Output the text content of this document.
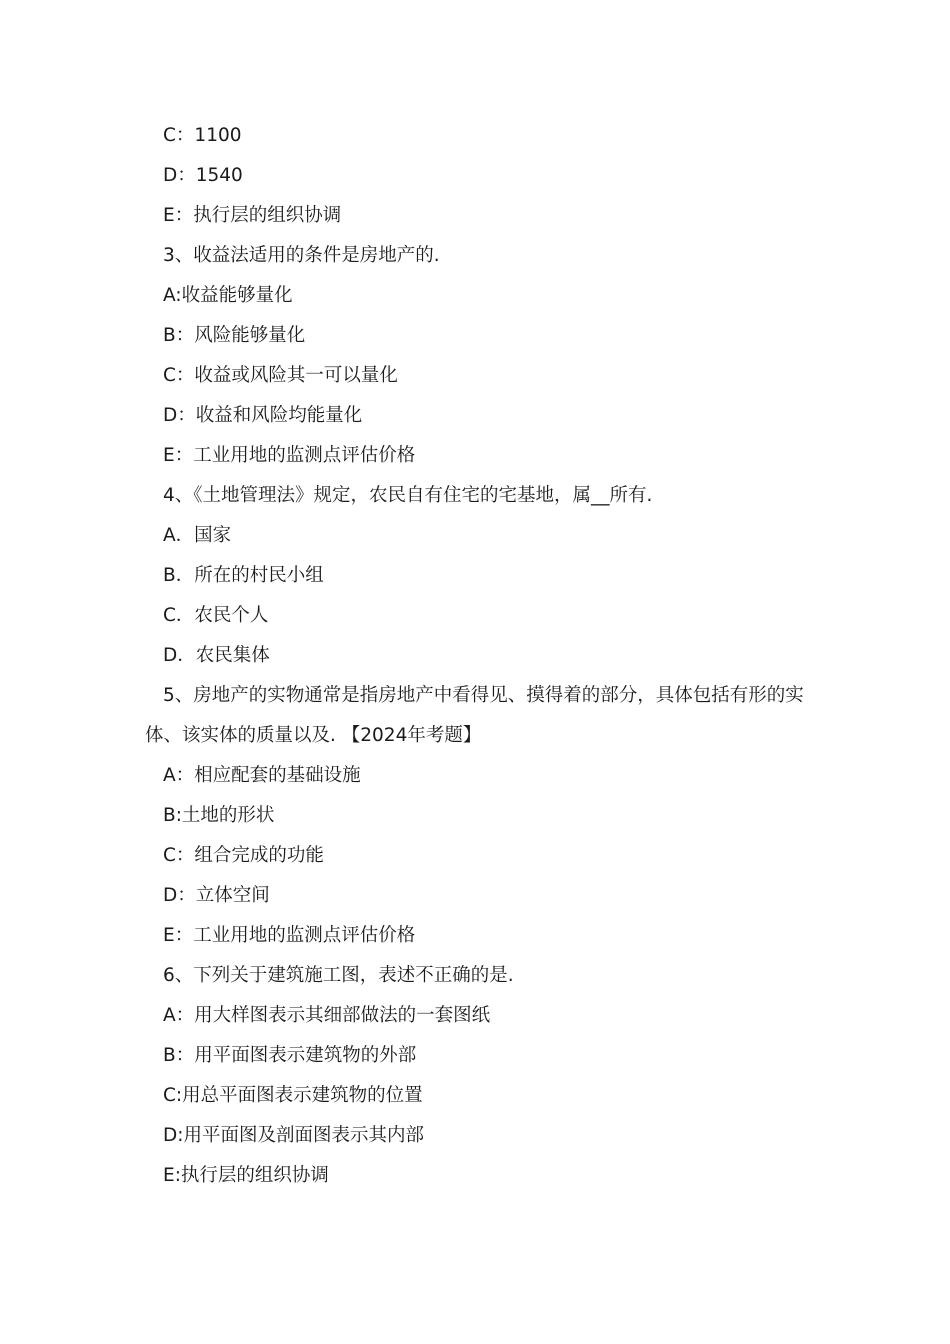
C：1100
D：1540
E：执行层的组织协调
3、收益法适用的条件是房地产的.
A:收益能够量化
B：风险能够量化
C：收益或风险其一可以量化
D：收益和风险均能量化
E：工业用地的监测点评估价格
4、《土地管理法》规定，农民自有住宅的宅基地，属__所有.
A．国家
B．所在的村民小组
C．农民个人
D．农民集体
5、房地产的实物通常是指房地产中看得见、摸得着的部分，具体包括有形的实体、该实体的质量以及. 【2024年考题】
A：相应配套的基础设施
B:土地的形状
C：组合完成的功能
D：立体空间
E：工业用地的监测点评估价格
6、下列关于建筑施工图，表述不正确的是.
A：用大样图表示其细部做法的一套图纸
B：用平面图表示建筑物的外部
C:用总平面图表示建筑物的位置
D:用平面图及剖面图表示其内部
E:执行层的组织协调
